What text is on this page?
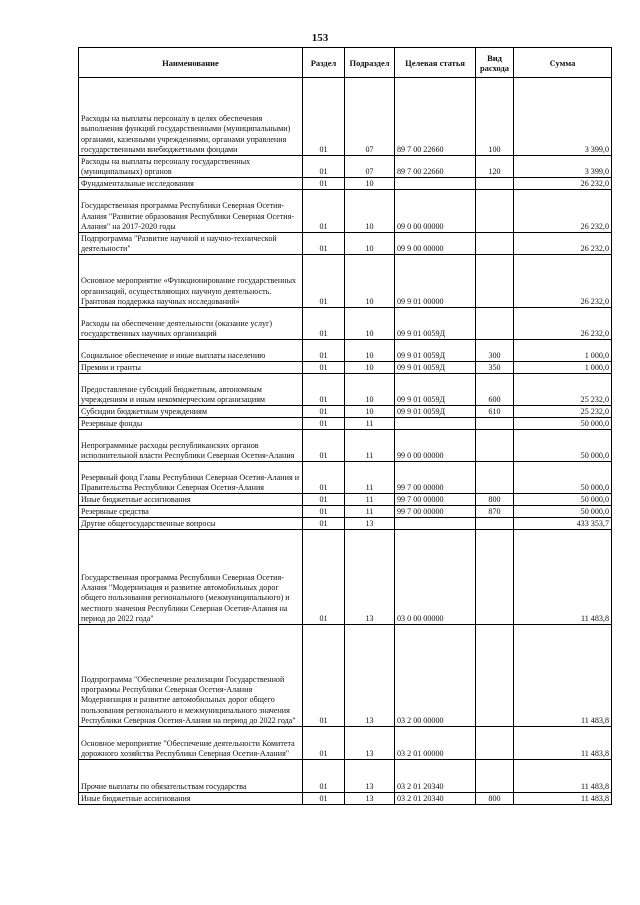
153
Наименование	Раздел	Подраздел	Целевая статья	Вид расхода	Сумма
Расходы на выплаты персоналу в целях обеспечения выполнения функций государственными (муниципальными) органами, казенными учреждениями, органами управления государственными внебюджетными фондами	01	07	89 7 00 22660	100	3 399,0
Расходы на выплаты персоналу государственных (муниципальных) органов	01	07	89 7 00 22660	120	3 399,0
Фундаментальные исследования	01	10			26 232,0
Государственная программа Республики Северная Осетия-Алания "Развитие образования Республики Северная Осетия-Алания" на 2017-2020 годы	01	10	09 0 00 00000		26 232,0
Подпрограмма "Развитие научной и научно-технической деятельности"	01	10	09 9 00 00000		26 232,0
Основное мероприятие «Функционирование государственных организаций, осуществляющих научную деятельность. Грантовая поддержка научных исследований»	01	10	09 9 01 00000		26 232,0
Расходы на обеспечение деятельности (оказание услуг) государственных научных организаций	01	10	09 9 01 0059Д		26 232,0
Социальное обеспечение и иные выплаты населению	01	10	09 9 01 0059Д	300	1 000,0
Премии и гранты	01	10	09 9 01 0059Д	350	1 000,0
Предоставление субсидий бюджетным, автономным учреждениям и иным некоммерческим организациям	01	10	09 9 01 0059Д	600	25 232,0
Субсидии бюджетным учреждениям	01	10	09 9 01 0059Д	610	25 232,0
Резервные фонды	01	11			50 000,0
Непрограммные расходы республиканских органов исполнительной власти Республики Северная Осетия-Алания	01	11	99 0 00 00000		50 000,0
Резервный фонд Главы Республики Северная Осетия-Алания и Правительства Республики Северная Осетия-Алания	01	11	99 7 00 00000		50 000,0
Иные бюджетные ассигнования	01	11	99 7 00 00000	800	50 000,0
Резервные средства	01	11	99 7 00 00000	870	50 000,0
Другие общегосударственные вопросы	01	13			433 353,7
Государственная программа Республики Северная Осетия-Алания "Модернизация и развитие автомобильных дорог общего пользования регионального (межмуниципального) и местного значения Республики Северная Осетия-Алания на период до 2022 года"	01	13	03 0 00 00000		11 483,8
Подпрограмма "Обеспечение реализации Государственной программы Республики Северная Осетия-Алания Модернизация и развитие автомобильных дорог общего пользования регионального и межмуниципального значения Республики Северная Осетия-Алания на период до 2022 года"	01	13	03 2 00 00000		11 483,8
Основное мероприятие "Обеспечение деятельности Комитета дорожного хозяйства Республики Северная Осетия-Алания"	01	13	03 2 01 00000		11 483,8
Прочие выплаты по обязательствам государства	01	13	03 2 01 20340		11 483,8
Иные бюджетные ассигнования	01	13	03 2 01 20340	800	11 483,8
